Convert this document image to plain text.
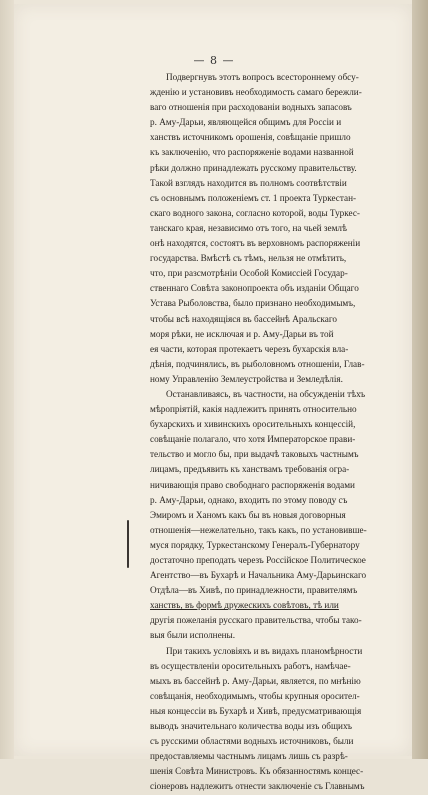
— 8 —

Подвергнувъ этотъ вопросъ всестороннему обсу-
жденію и установивъ необходимость самаго бережли-
ваго отношенія при расходованіи водныхъ запасовъ
р. Аму-Дарьи, являющейся общимъ для Россіи и
ханствъ источникомъ орошенія, совѣщаніе пришло
къ заключенію, что распоряженіе водами названной
рѣки должно принадлежать русскому правительству.
Такой взглядъ находится въ полномъ соотвѣтствіи
съ основнымъ положеніемъ ст. 1 проекта Туркестан-
скаго водного закона, согласно которой, воды Туркес-
танскаго края, независимо отъ того, на чьей землѣ
онѣ находятся, состоятъ въ верховномъ распоряженіи
государства. Вмѣстѣ съ тѣмъ, нельзя не отмѣтить,
что, при разсмотрѣніи Особой Комиссіей Государ-
ственнаго Совѣта законопроекта объ изданіи Общаго
Устава Рыболовства, было признано необходимымъ,
чтобы всѣ находящіяся въ бассейнѣ Аральскаго
моря рѣки, не исключая и р. Аму-Дарьи въ той
ея части, которая протекаетъ черезъ бухарскія вла-
дѣнія, подчинялись, въ рыболовномъ отношеніи, Глав-
ному Управленію Землеустройства и Земледѣлія.

Останавливаясь, въ частности, на обсужденіи тѣхъ
мѣропріятій, какія надлежитъ принять относительно
бухарскихъ и хивинскихъ оросительныхъ концессій,
совѣщаніе полагало, что хотя Императорское прави-
тельство и могло бы, при выдачѣ таковыхъ частнымъ
лицамъ, предъявить къ ханствамъ требованія огра-
ничивающія право свободнаго распоряженія водами
р. Аму-Дарьи, однако, входить по этому поводу съ
Эмиромъ и Ханомъ какъ бы въ новыя договорныя
отношенія—нежелательно, такъ какъ, по установивше-
муся порядку, Туркестанскому Генералъ-Губернатору
достаточно преподать черезъ Россійское Политическое
Агентство—въ Бухарѣ и Начальника Аму-Дарьинскаго
Отдѣла—въ Хивѣ, по принадлежности, правителямъ
ханствъ, въ формѣ дружескихъ совѣтовъ, тѣ или
другія пожеланія русскаго правительства, чтобы тако-
выя были исполнены.

При такихъ условіяхъ и въ видахъ планомѣрности
въ осуществленіи оросительныхъ работъ, намѣчае-
мыхъ въ бассейнѣ р. Аму-Дарьи, является, по мнѣнію
совѣщанія, необходимымъ, чтобы крупныя оросител-
ныя концессіи въ Бухарѣ и Хивѣ, предусматривающія
выводъ значительнаго количества воды изъ общихъ
съ русскими областями водныхъ источниковъ, были
предоставляемы частнымъ лицамъ лишь съ разрѣ-
шенія Совѣта Министровъ. Къ обязанностямъ концес-
сіонеровъ надлежитъ отнести заключеніе съ Главнымъ
